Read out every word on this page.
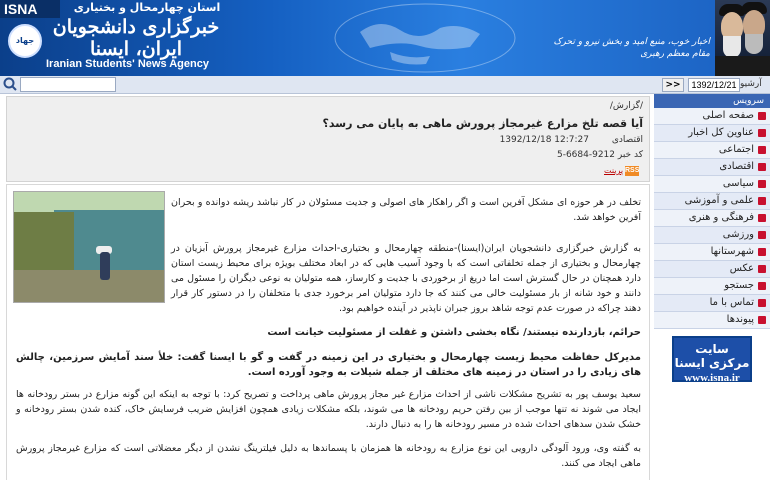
ISNA	استان چهارمحال و بختیاری
جهاد
خبرگزاری دانشجویان ایران، ایسنا
Iranian Students' News Agency
اخبار خوب، منبع امید و بخش نیرو و تحرک مقام معظم رهبری
آرشیو
1392/12/21
>>
سرویس
صفحه اصلی
عناوین کل اخبار
اجتماعی
اقتصادی
سیاسی
علمی و آموزشی
فرهنگی و هنری
ورزشی
شهرستانها
عکس
جستجو
تماس با ما
پیوندها
سایت مرکزی ایسنا
www.isna.ir
/گزارش/
آیا قصه تلخ مزارع غیرمجاز پرورش ماهی به پایان می رسد؟
اقتصادی
1392/12/18 12:7:27
کد خبر 9212-6684-5
RSS
پرینت
تخلف در هر حوزه ای مشکل آفرین است و اگر راهکار های اصولی و جدیت مسئولان در کار نباشد ریشه دوانده و بحران آفرین خواهد شد.
به گزارش خبرگزاری دانشجویان ایران(ایسنا)-منطقه چهارمحال و بختیاری-احداث مزارع غیرمجاز پرورش آبزیان در چهارمحال و بختیاری از جمله تخلفاتی است که با وجود آسیب هایی که در ابعاد مختلف بویژه برای محیط زیست استان دارد همچنان در حال گسترش است اما دریغ از برخوردی با جدیت و کارساز، همه متولیان به نوعی دیگران را مسئول می دانند و خود شانه از بار مسئولیت خالی می کنند که جا دارد متولیان امر برخورد جدی با متخلفان را در دستور کار قرار دهند چراکه در صورت عدم توجه شاهد بروز جبران ناپذیر در آینده خواهیم بود.
حرائم، بازدارنده نیستند/ نگاه بخشی داشتن و غفلت از مسئولیت خیانت است
مدیرکل حفاظت محیط زیست چهارمحال و بختیاری در این زمینه در گفت و گو با ایسنا گفت: خلأ سند آمایش سرزمین، چالش های زیادی را در استان در زمینه های مختلف از جمله شیلات به وجود آورده است.
سعید یوسف پور به تشریح مشکلات ناشی از احداث مزارع غیر مجاز پرورش ماهی پرداخت و تصریح کرد: با توجه به اینکه این گونه مزارع در بستر رودخانه ها ایجاد می شوند نه تنها موجب از بین رفتن حریم رودخانه ها می شوند، بلکه مشکلات زیادی همچون افزایش ضریب فرسایش خاک، کنده شدن بستر رودخانه و خشک شدن سدهای احداث شده در مسیر رودخانه ها را به دنبال دارند.
به گفته وی، ورود آلودگی دارویی این نوع مزارع به رودخانه ها همزمان با پسماندها به دلیل فیلترینگ نشدن از دیگر معضلاتی است که مزارع غیرمجاز پرورش ماهی ایجاد می کنند.
